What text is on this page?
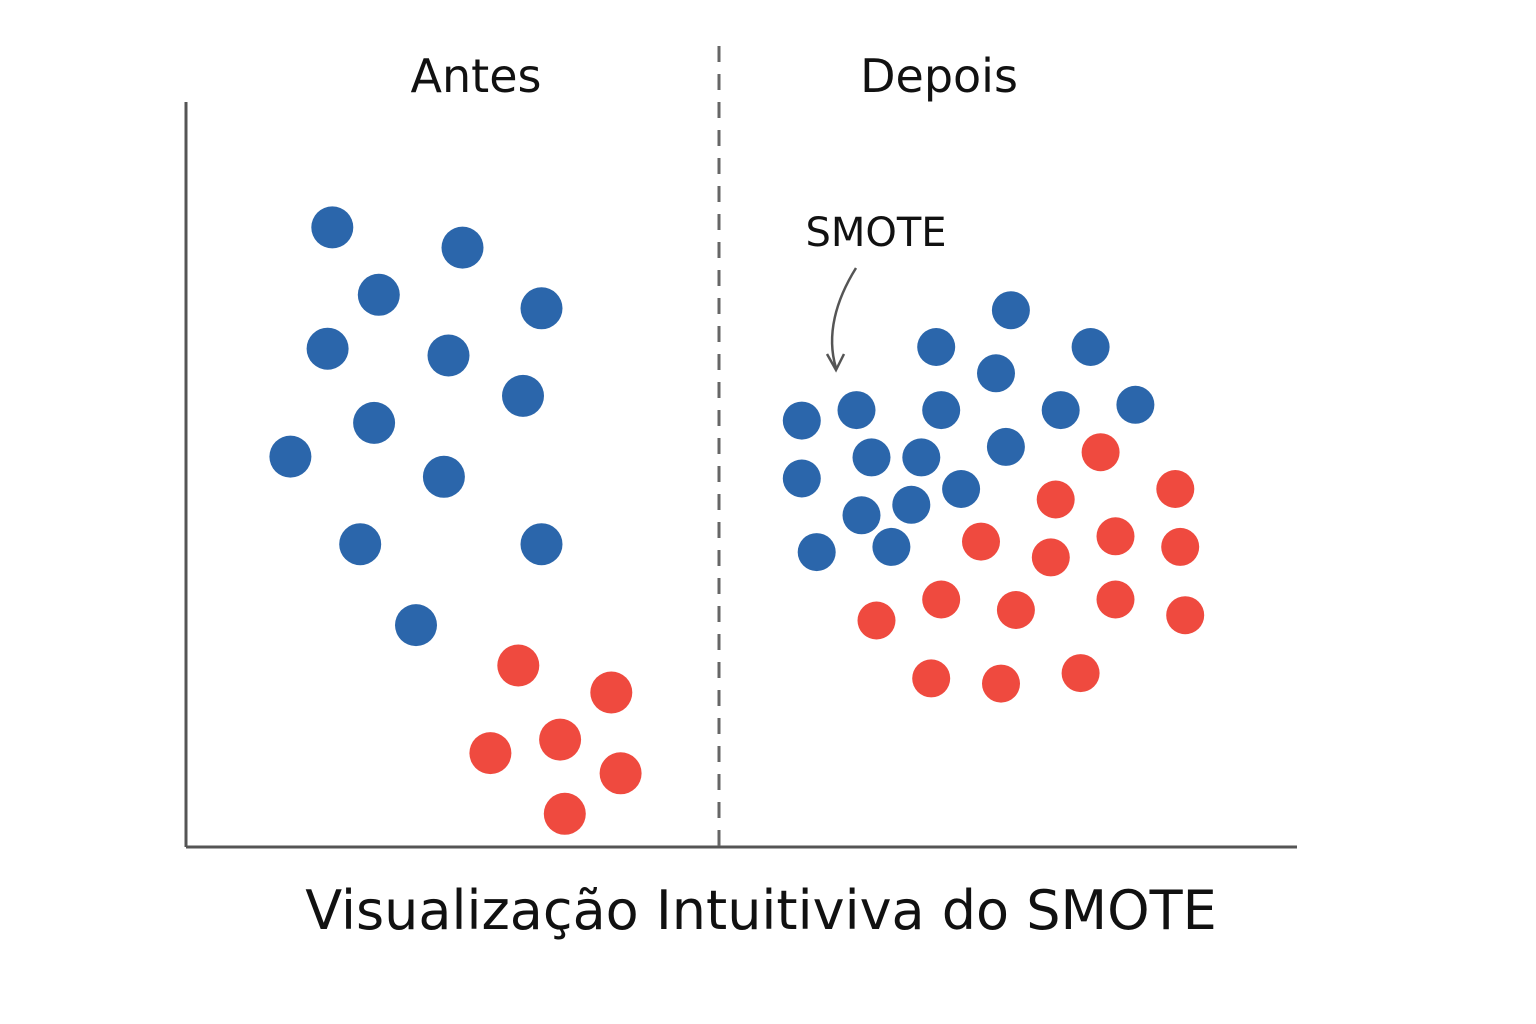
Antes	Depois
SMOTE
Visualização Intuitiviva do SMOTE
